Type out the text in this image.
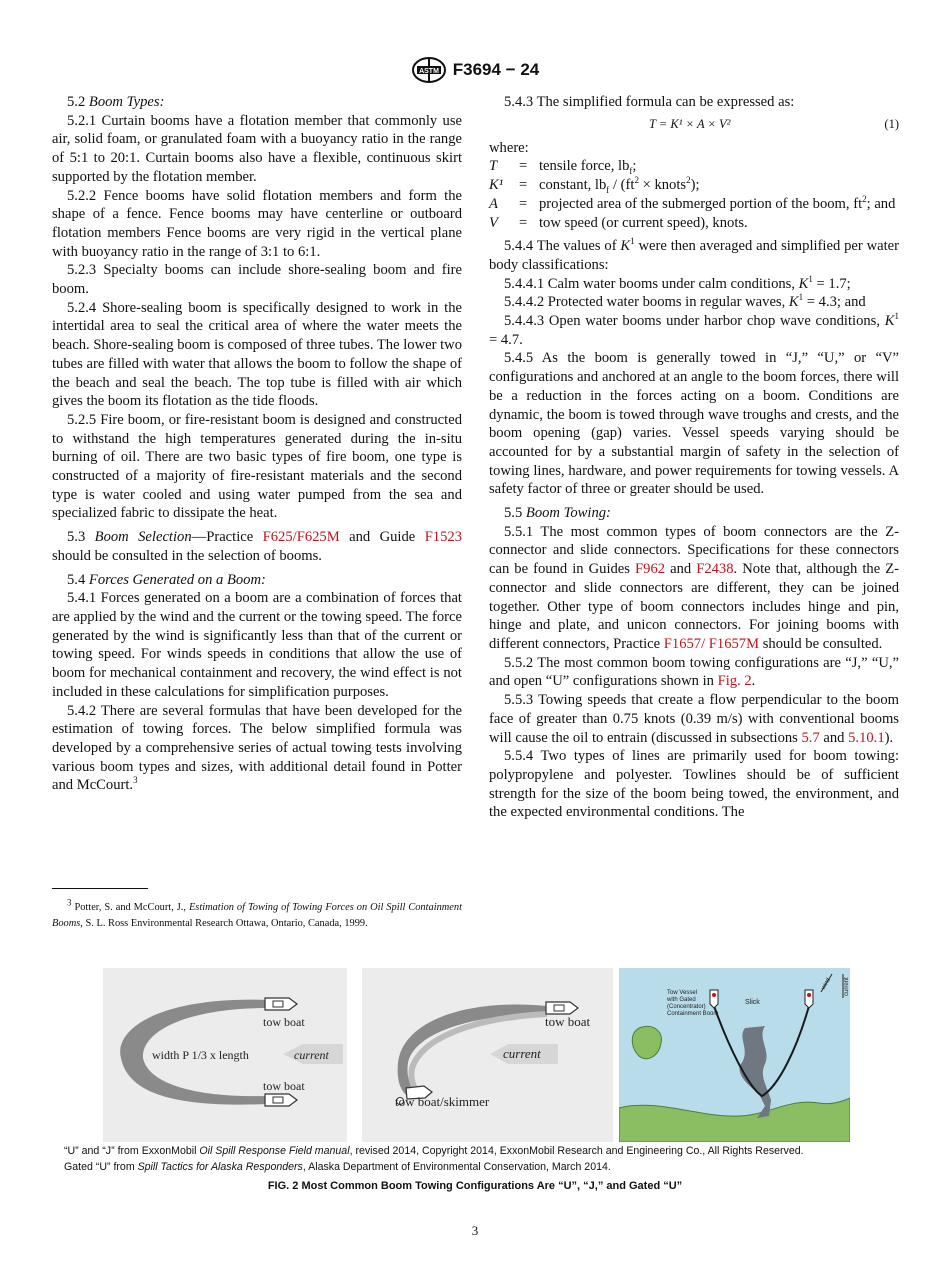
ASTM F3694 − 24
5.2 Boom Types:
5.2.1 Curtain booms have a flotation member that commonly use air, solid foam, or granulated foam with a buoyancy ratio in the range of 5:1 to 20:1. Curtain booms also have a flexible, continuous skirt supported by the flotation member.
5.2.2 Fence booms have solid flotation members and form the shape of a fence. Fence booms may have centerline or outboard flotation members Fence booms are very rigid in the vertical plane with buoyancy ratio in the range of 3:1 to 6:1.
5.2.3 Specialty booms can include shore-sealing boom and fire boom.
5.2.4 Shore-sealing boom is specifically designed to work in the intertidal area to seal the critical area of where the water meets the beach. Shore-sealing boom is composed of three tubes. The lower two tubes are filled with water that allows the boom to follow the shape of the beach and seal the beach. The top tube is filled with air which gives the boom its flotation as the tide floods.
5.2.5 Fire boom, or fire-resistant boom is designed and constructed to withstand the high temperatures generated during the in-situ burning of oil. There are two basic types of fire boom, one type is constructed of a majority of fire-resistant materials and the second type is water cooled and using water pumped from the sea and specialized fabric to dissipate the heat.
5.3 Boom Selection—Practice F625/F625M and Guide F1523 should be consulted in the selection of booms.
5.4 Forces Generated on a Boom:
5.4.1 Forces generated on a boom are a combination of forces that are applied by the wind and the current or the towing speed. The force generated by the wind is significantly less than that of the current or towing speed. For winds speeds in conditions that allow the use of boom for mechanical containment and recovery, the wind effect is not included in these calculations for simplification purposes.
5.4.2 There are several formulas that have been developed for the estimation of towing forces. The below simplified formula was developed by a comprehensive series of actual towing tests involving various boom types and sizes, with additional detail found in Potter and McCourt.$^3$
$^3$ Potter, S. and McCourt, J., Estimation of Towing of Towing Forces on Oil Spill Containment Booms, S. L. Ross Environmental Research Ottawa, Ontario, Canada, 1999.
5.4.3 The simplified formula can be expressed as:
T = K¹ × A × V²	(1)
where:
T	= tensile force, $lb_f$;
K¹	= constant, $lb_f / (ft^2$ × knots$^2$);
A	= projected area of the submerged portion of the boom, $ft^2$; and
V	= tow speed (or current speed), knots.
5.4.4 The values of $K^1$ were then averaged and simplified per water body classifications:
5.4.4.1 Calm water booms under calm conditions, $K^1 = 1.7$;
5.4.4.2 Protected water booms in regular waves, $K^1 = 4.3$; and
5.4.4.3 Open water booms under harbor chop wave conditions, $K^1 = 4.7$.
5.4.5 As the boom is generally towed in “J,” “U,” or “V” configurations and anchored at an angle to the boom forces, there will be a reduction in the forces acting on a boom. Conditions are dynamic, the boom is towed through wave troughs and crests, and the boom opening (gap) varies. Vessel speeds varying should be accounted for by a substantial margin of safety in the selection of towing lines, hardware, and power requirements for towing vessels. A safety factor of three or greater should be used.
5.5 Boom Towing:
5.5.1 The most common types of boom connectors are the Z-connector and slide connectors. Specifications for these connectors can be found in Guides F962 and F2438. Note that, although the Z-connector and slide connectors are different, they can be joined together. Other type of boom connectors includes hinge and pin, hinge and plate, and unicon connectors. For joining booms with different connectors, Practice F1657/ F1657M should be consulted.
5.5.2 The most common boom towing configurations are “J,” “U,” and open “U” configurations shown in Fig. 2.
5.5.3 Towing speeds that create a flow perpendicular to the boom face of greater than 0.75 knots (0.39 m/s) with conventional booms will cause the oil to entrain (discussed in subsections 5.7 and 5.10.1).
5.5.4 Two types of lines are primarily used for boom towing: polypropylene and polyester. Towlines should be of sufficient strength for the size of the boom being towed, the environment, and the expected environmental conditions. The
tow boat
tow boat
width P 1/3 x length	current
tow boat
current
tow boat/skimmer
Tow Vessel
with Gated
(Concentrator)
Containment Boom
Slick
wind current
“U” and “J” from ExxonMobil Oil Spill Response Field manual, revised 2014, Copyright 2014, ExxonMobil Research and Engineering Co., All Rights Reserved.
Gated “U” from Spill Tactics for Alaska Responders, Alaska Department of Environmental Conservation, March 2014.
FIG. 2 Most Common Boom Towing Configurations Are “U”, “J,” and Gated “U”
3
